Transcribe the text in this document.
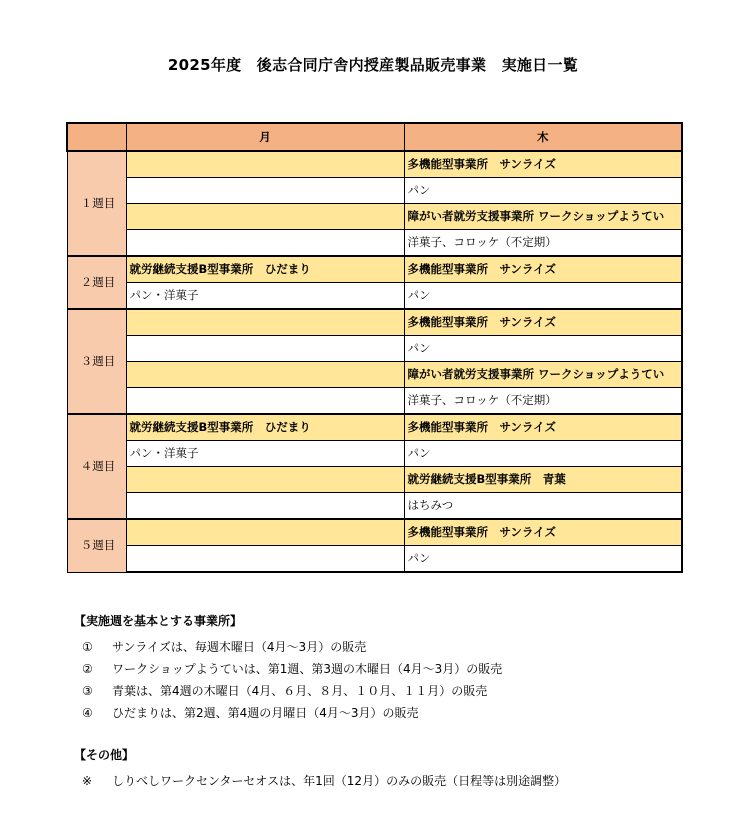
2025年度　後志合同庁舎内授産製品販売事業　実施日一覧
	月	木
１週目		多機能型事業所　サンライズ
		パン
		障がい者就労支援事業所 ワークショップようてい
		洋菓子、コロッケ（不定期）
２週目	就労継続支援B型事業所　ひだまり	多機能型事業所　サンライズ
	パン・洋菓子	パン
３週目		多機能型事業所　サンライズ
		パン
		障がい者就労支援事業所 ワークショップようてい
		洋菓子、コロッケ（不定期）
４週目	就労継続支援B型事業所　ひだまり	多機能型事業所　サンライズ
	パン・洋菓子	パン
		就労継続支援B型事業所　青葉
		はちみつ
５週目		多機能型事業所　サンライズ
		パン
【実施週を基本とする事業所】
① サンライズは、毎週木曜日（4月～3月）の販売
② ワークショップようていは、第1週、第3週の木曜日（4月～3月）の販売
③ 青葉は、第4週の木曜日（4月、６月、８月、１０月、１１月）の販売
④ ひだまりは、第2週、第4週の月曜日（4月～3月）の販売
【その他】
※ しりべしワークセンターセオスは、年1回（12月）のみの販売（日程等は別途調整）
